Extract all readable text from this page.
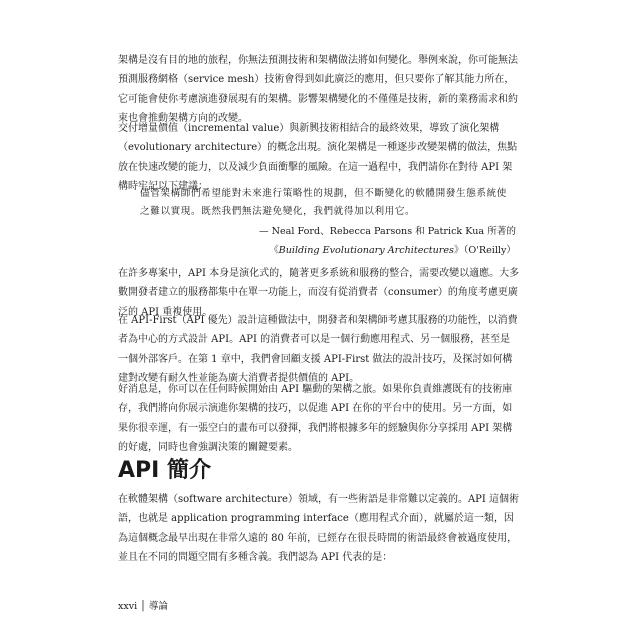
架構是沒有目的地的旅程，你無法預測技術和架構做法將如何變化。舉例來說，你可能無法預測服務網格（service mesh）技術會得到如此廣泛的應用，但只要你了解其能力所在，它可能會使你考慮演進發展現有的架構。影響架構變化的不僅僅是技術，新的業務需求和約束也會推動架構方向的改變。

交付增量價值（incremental value）與新興技術相結合的最終效果，導致了演化架構（evolutionary architecture）的概念出現。演化架構是一種逐步改變架構的做法，焦點放在快速改變的能力，以及減少負面衝擊的風險。在這一過程中，我們請你在對待 API 架構時牢記以下建議：

儘管架構師們希望能對未來進行策略性的規劃，但不斷變化的軟體開發生態系統使之難以實現。既然我們無法避免變化，我們就得加以利用它。

— Neal Ford、Rebecca Parsons 和 Patrick Kua 所著的

《Building Evolutionary Architectures》（O'Reilly）

在許多專案中，API 本身是演化式的，隨著更多系統和服務的整合，需要改變以適應。大多數開發者建立的服務都集中在單一功能上，而沒有從消費者（consumer）的角度考慮更廣泛的 API 重複使用。

在 API-First（API 優先）設計這種做法中，開發者和架構師考慮其服務的功能性，以消費者為中心的方式設計 API。API 的消費者可以是一個行動應用程式、另一個服務，甚至是一個外部客戶。在第 1 章中，我們會回顧支援 API-First 做法的設計技巧，及探討如何構建對改變有耐久性並能為廣大消費者提供價值的 API。

好消息是，你可以在任何時候開始由 API 驅動的架構之旅。如果你負責維護既有的技術庫存，我們將向你展示演進你架構的技巧，以促進 API 在你的平台中的使用。另一方面，如果你很幸運，有一張空白的畫布可以發揮，我們將根據多年的經驗與你分享採用 API 架構的好處，同時也會強調決策的關鍵要素。

API 簡介

在軟體架構（software architecture）領域，有一些術語是非常難以定義的。API 這個術語，也就是 application programming interface（應用程式介面），就屬於這一類，因為這個概念最早出現在非常久遠的 80 年前，已經存在很長時間的術語最終會被過度使用，並且在不同的問題空間有多種含義。我們認為 API 代表的是：

xxvi │ 導論
